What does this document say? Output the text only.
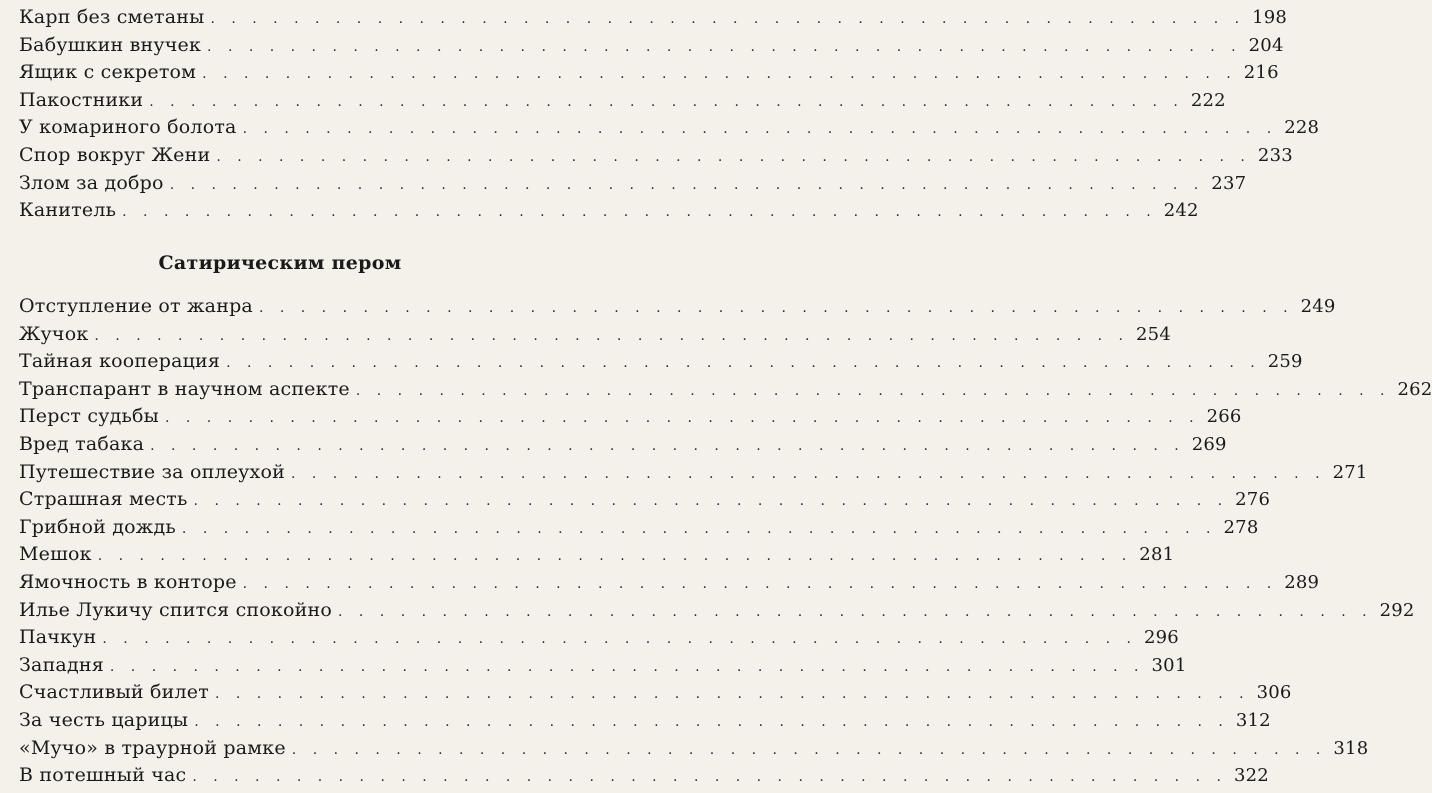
Карп без сметаны . . .	198
Бабушкин внучек . . .	204
Ящик с секретом . . .	216
Пакостники . . .	222
У комариного болота . . .	228
Спор вокруг Жени . . .	233
Злом за добро . . .	237
Канитель . . .	242
Сатирическим пером
Отступление от жанра . . .	249
Жучок . . .	254
Тайная кооперация . . .	259
Транспарант в научном аспекте . . .	262
Перст судьбы . . .	266
Вред табака . . .	269
Путешествие за оплеухой . . .	271
Страшная месть . . .	276
Грибной дождь . . .	278
Мешок . . .	281
Ямочность в конторе . . .	289
Илье Лукичу спится спокойно . . .	292
Пачкун . . .	296
Западня . . .	301
Счастливый билет . . .	306
За честь царицы . . .	312
«Мучо» в траурной рамке . . .	318
В потешный час . . .	322
